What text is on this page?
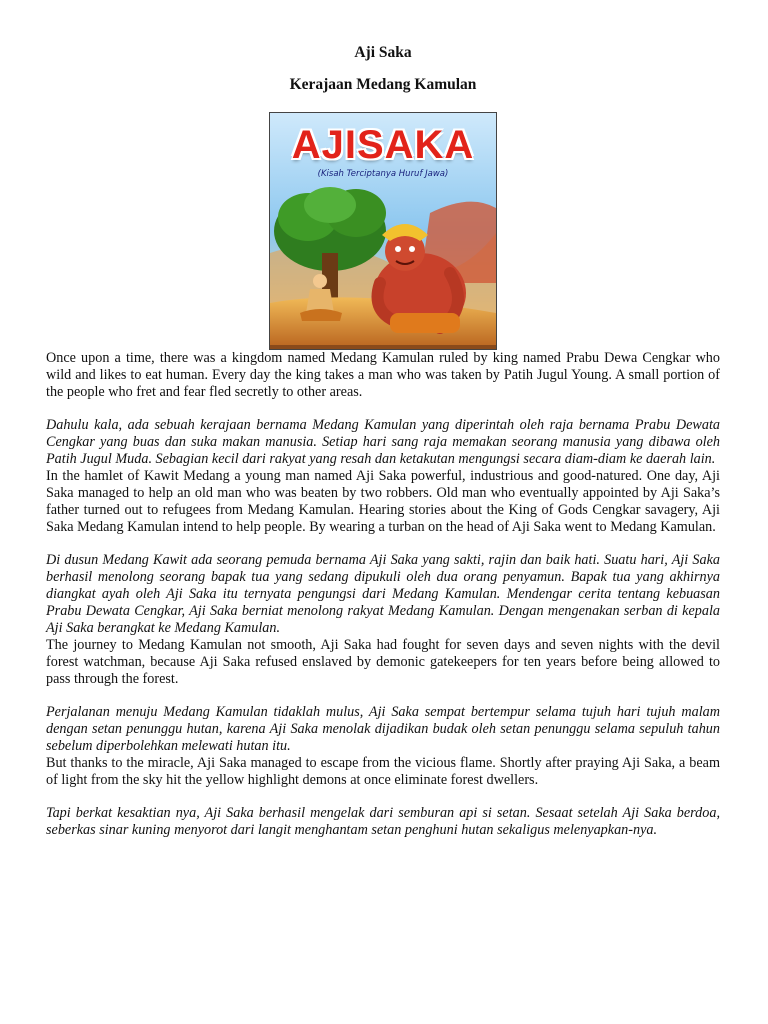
Aji Saka
Kerajaan Medang Kamulan
AJISAKA
(Kisah Terciptanya Huruf Jawa)

Once upon a time, there was a kingdom named Medang Kamulan ruled by king named Prabu Dewa Cengkar who wild and likes to eat human. Every day the king takes a man who was taken by Patih Jugul Young. A small portion of the people who fret and fear fled secretly to other areas.

Dahulu kala, ada sebuah kerajaan bernama Medang Kamulan yang diperintah oleh raja bernama Prabu Dewata Cengkar yang buas dan suka makan manusia. Setiap hari sang raja memakan seorang manusia yang dibawa oleh Patih Jugul Muda. Sebagian kecil dari rakyat yang resah dan ketakutan mengungsi secara diam-diam ke daerah lain.

In the hamlet of Kawit Medang a young man named Aji Saka powerful, industrious and good-natured. One day, Aji Saka managed to help an old man who was beaten by two robbers. Old man who eventually appointed by Aji Saka’s father turned out to refugees from Medang Kamulan. Hearing stories about the King of Gods Cengkar savagery, Aji Saka Medang Kamulan intend to help people. By wearing a turban on the head of Aji Saka went to Medang Kamulan.

Di dusun Medang Kawit ada seorang pemuda bernama Aji Saka yang sakti, rajin dan baik hati. Suatu hari, Aji Saka berhasil menolong seorang bapak tua yang sedang dipukuli oleh dua orang penyamun. Bapak tua yang akhirnya diangkat ayah oleh Aji Saka itu ternyata pengungsi dari Medang Kamulan. Mendengar cerita tentang kebuasan Prabu Dewata Cengkar, Aji Saka berniat menolong rakyat Medang Kamulan. Dengan mengenakan serban di kepala Aji Saka berangkat ke Medang Kamulan.

The journey to Medang Kamulan not smooth, Aji Saka had fought for seven days and seven nights with the devil forest watchman, because Aji Saka refused enslaved by demonic gatekeepers for ten years before being allowed to pass through the forest.

Perjalanan menuju Medang Kamulan tidaklah mulus, Aji Saka sempat bertempur selama tujuh hari tujuh malam dengan setan penunggu hutan, karena Aji Saka menolak dijadikan budak oleh setan penunggu selama sepuluh tahun sebelum diperbolehkan melewati hutan itu.

But thanks to the miracle, Aji Saka managed to escape from the vicious flame. Shortly after praying Aji Saka, a beam of light from the sky hit the yellow highlight demons at once eliminate forest dwellers.

Tapi berkat kesaktian nya, Aji Saka berhasil mengelak dari semburan api si setan. Sesaat setelah Aji Saka berdoa, seberkas sinar kuning menyorot dari langit menghantam setan penghuni hutan sekaligus melenyapkan-nya.
